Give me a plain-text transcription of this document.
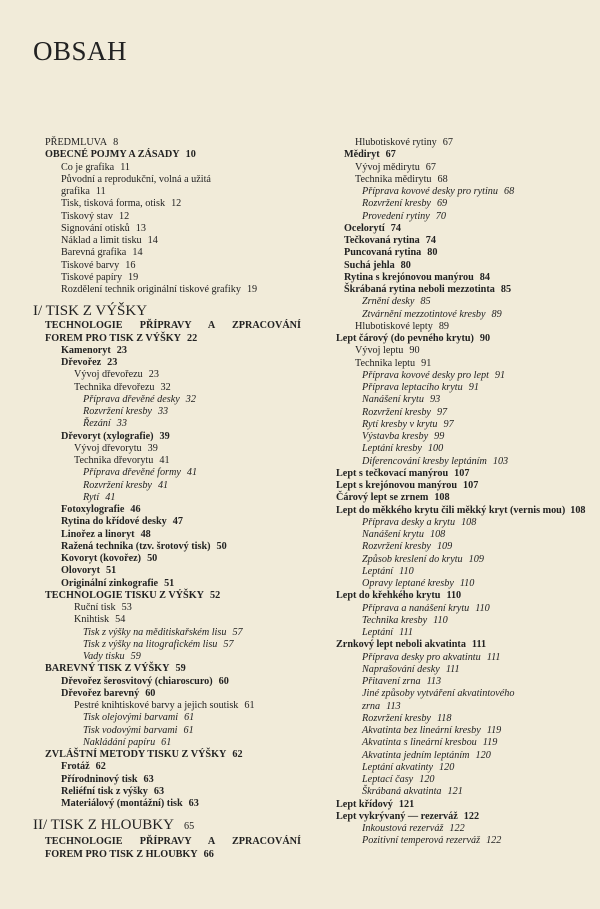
OBSAH
PŘEDMLUVA 8
OBECNÉ POJMY A ZÁSADY 10
Co je grafika 11
Původní a reprodukční, volná a užitá
grafika 11
Tisk, tisková forma, otisk 12
Tiskový stav 12
Signování otisků 13
Náklad a limit tisku 14
Barevná grafika 14
Tiskové barvy 16
Tiskové papíry 19
Rozdělení technik originální tiskové grafiky 19
I/ TISK Z VÝŠKY
TECHNOLOGIE PŘÍPRAVY A ZPRACOVÁNÍ
FOREM PRO TISK Z VÝŠKY 22
Kamenoryt 23
Dřevořez 23
Vývoj dřevořezu 23
Technika dřevořezu 32
Příprava dřevěné desky 32
Rozvržení kresby 33
Řezání 33
Dřevoryt (xylografie) 39
Vývoj dřevorytu 39
Technika dřevorytu 41
Příprava dřevěné formy 41
Rozvržení kresby 41
Rytí 41
Fotoxylografie 46
Rytina do křídové desky 47
Linořez a linoryt 48
Ražená technika (tzv. šrotový tisk) 50
Kovoryt (kovořez) 50
Olovoryt 51
Originální zinkografie 51
TECHNOLOGIE TISKU Z VÝŠKY 52
Ruční tisk 53
Knihtisk 54
Tisk z výšky na měditiskařském lisu 57
Tisk z výšky na litografickém lisu 57
Vady tisku 59
BAREVNÝ TISK Z VÝŠKY 59
Dřevořez šerosvitový (chiaroscuro) 60
Dřevořez barevný 60
Pestré knihtiskové barvy a jejich soutisk 61
Tisk olejovými barvami 61
Tisk vodovými barvami 61
Nakládání papíru 61
ZVLÁŠTNÍ METODY TISKU Z VÝŠKY 62
Frotáž 62
Přírodninový tisk 63
Reliéfní tisk z výšky 63
Materiálový (montážní) tisk 63
II/ TISK Z HLOUBKY 65
TECHNOLOGIE PŘÍPRAVY A ZPRACOVÁNÍ
FOREM PRO TISK Z HLOUBKY 66
Hlubotiskové rytiny 67
Mědiryt 67
Vývoj mědirytu 67
Technika mědirytu 68
Příprava kovové desky pro rytinu 68
Rozvržení kresby 69
Provedení rytiny 70
Ocelorytí 74
Tečkovaná rytina 74
Puncovaná rytina 80
Suchá jehla 80
Rytina s krejónovou manýrou 84
Škrábaná rytina neboli mezzotinta 85
Zrnění desky 85
Ztvárnění mezzotintové kresby 89
Hlubotiskové lepty 89
Lept čárový (do pevného krytu) 90
Vývoj leptu 90
Technika leptu 91
Příprava kovové desky pro lept 91
Příprava leptacího krytu 91
Nanášení krytu 93
Rozvržení kresby 97
Rytí kresby v krytu 97
Výstavba kresby 99
Leptání kresby 100
Diferencování kresby leptáním 103
Lept s tečkovací manýrou 107
Lept s krejónovou manýrou 107
Čárový lept se zrnem 108
Lept do měkkého krytu čili měkký kryt (vernis mou) 108
Příprava desky a krytu 108
Nanášení krytu 108
Rozvržení kresby 109
Způsob kreslení do krytu 109
Leptání 110
Opravy leptané kresby 110
Lept do křehkého krytu 110
Příprava a nanášení krytu 110
Technika kresby 110
Leptání 111
Zrnkový lept neboli akvatinta 111
Příprava desky pro akvatintu 111
Naprašování desky 111
Přitavení zrna 113
Jiné způsoby vytváření akvatintového
zrna 113
Rozvržení kresby 118
Akvatinta bez lineární kresby 119
Akvatinta s lineární kresbou 119
Akvatinta jedním leptáním 120
Leptání akvatinty 120
Leptací časy 120
Škrábaná akvatinta 121
Lept křídový 121
Lept vykrývaný — rezerváž 122
Inkoustová rezerváž 122
Pozitivní temperová rezerváž 122
